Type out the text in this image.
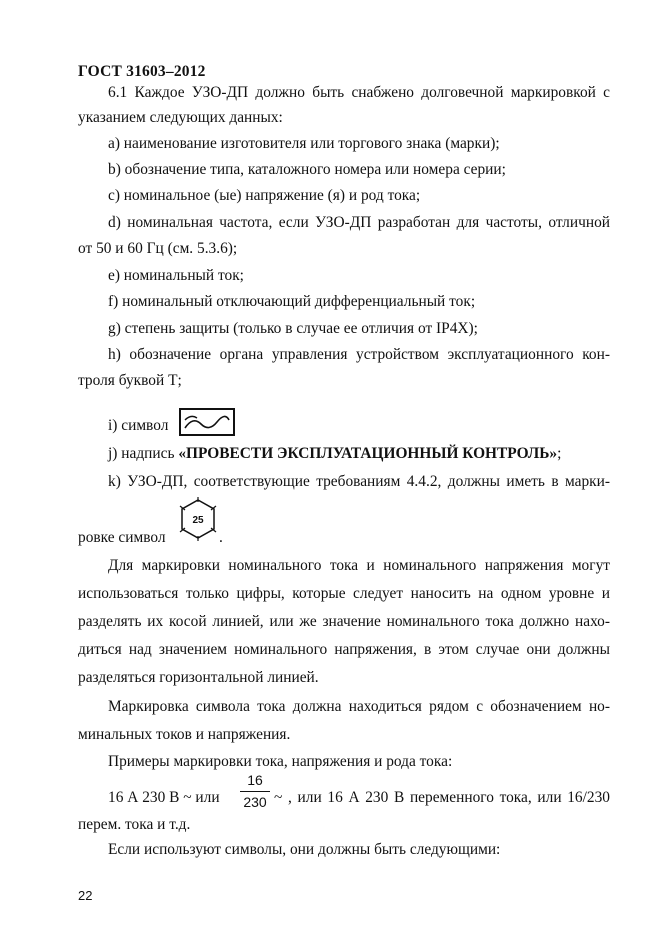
ГОСТ 31603–2012
6.1 Каждое УЗО-ДП должно быть снабжено долговечной маркировкой с
указанием следующих данных:
a) наименование изготовителя или торгового знака (марки);
b) обозначение типа, каталожного номера или номера серии;
c) номинальное (ые) напряжение (я) и род тока;
d) номинальная частота, если УЗО-ДП разработан для частоты, отличной
от 50 и 60 Гц (см. 5.3.6);
e) номинальный ток;
f) номинальный отключающий дифференциальный ток;
g) степень защиты (только в случае ее отличия от IP4X);
h) обозначение органа управления устройством эксплуатационного кон-
троля буквой Т;
i) символ
j) надпись «ПРОВЕСТИ ЭКСПЛУАТАЦИОННЫЙ КОНТРОЛЬ»;
k) УЗО-ДП, соответствующие требованиям 4.4.2, должны иметь в марки-
ровке символ
25
.
Для маркировки номинального тока и номинального напряжения могут
использоваться только цифры, которые следует наносить на одном уровне и
разделять их косой линией, или же значение номинального тока должно нахо-
диться над значением номинального напряжения, в этом случае они должны
разделяться горизонтальной линией.
Маркировка символа тока должна находиться рядом с обозначением но-
минальных токов и напряжения.
Примеры маркировки тока, напряжения и рода тока:
16 А 230 В ~ или
16
230 ~ , или 16 А 230 В переменного тока, или 16/230
перем. тока и т.д.
Если используют символы, они должны быть следующими:
22
